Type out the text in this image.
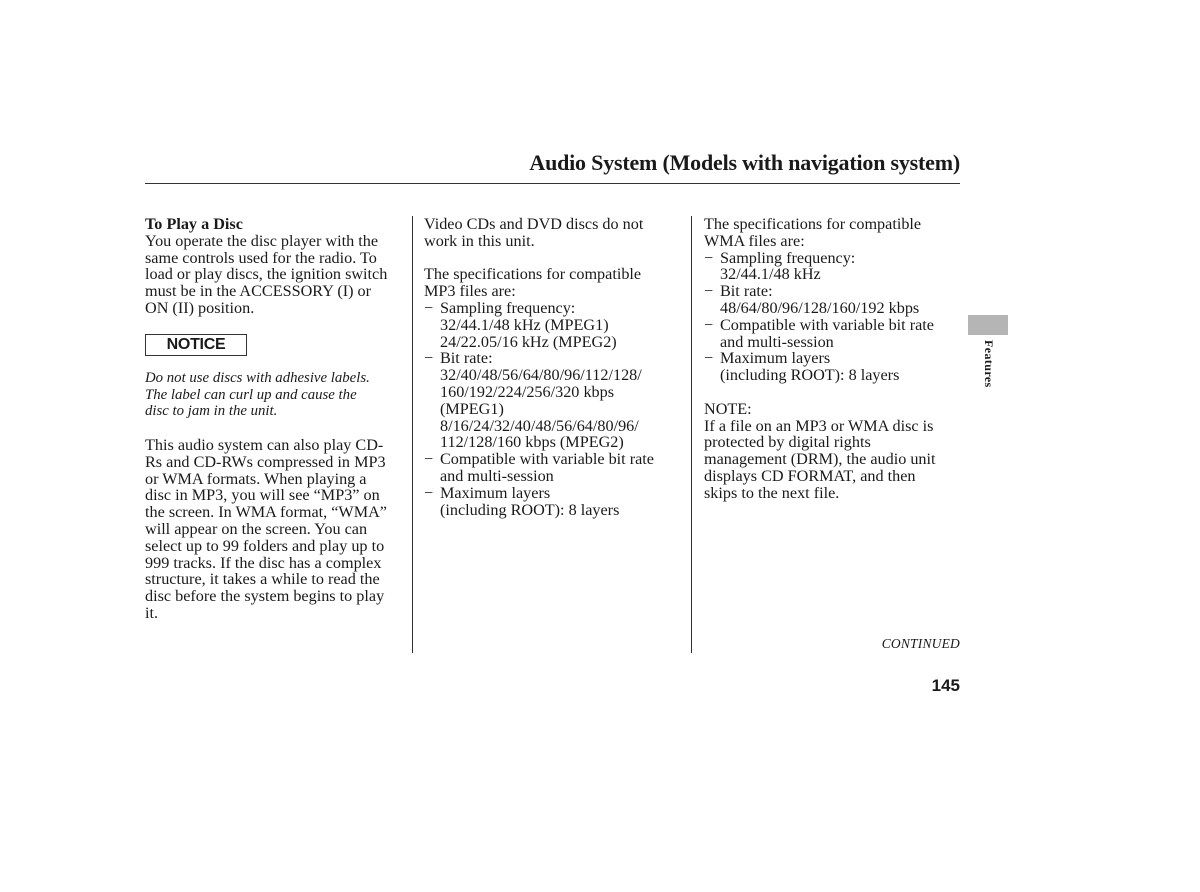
Audio System (Models with navigation system)
To Play a Disc
You operate the disc player with the
same controls used for the radio. To
load or play discs, the ignition switch
must be in the ACCESSORY (I) or
ON (II) position.
NOTICE
Do not use discs with adhesive labels.
The label can curl up and cause the
disc to jam in the unit.
This audio system can also play CD-
Rs and CD-RWs compressed in MP3
or WMA formats. When playing a
disc in MP3, you will see “MP3” on
the screen. In WMA format, “WMA”
will appear on the screen. You can
select up to 99 folders and play up to
999 tracks. If the disc has a complex
structure, it takes a while to read the
disc before the system begins to play
it.
Video CDs and DVD discs do not
work in this unit.
The specifications for compatible
MP3 files are:
− Sampling frequency:
32/44.1/48 kHz (MPEG1)
24/22.05/16 kHz (MPEG2)
− Bit rate:
32/40/48/56/64/80/96/112/128/
160/192/224/256/320 kbps
(MPEG1)
8/16/24/32/40/48/56/64/80/96/
112/128/160 kbps (MPEG2)
− Compatible with variable bit rate
and multi-session
− Maximum layers
(including ROOT): 8 layers
The specifications for compatible
WMA files are:
− Sampling frequency:
32/44.1/48 kHz
− Bit rate:
48/64/80/96/128/160/192 kbps
− Compatible with variable bit rate
and multi-session
− Maximum layers
(including ROOT): 8 layers
NOTE:
If a file on an MP3 or WMA disc is
protected by digital rights
management (DRM), the audio unit
displays CD FORMAT, and then
skips to the next file.
Features
CONTINUED
145
